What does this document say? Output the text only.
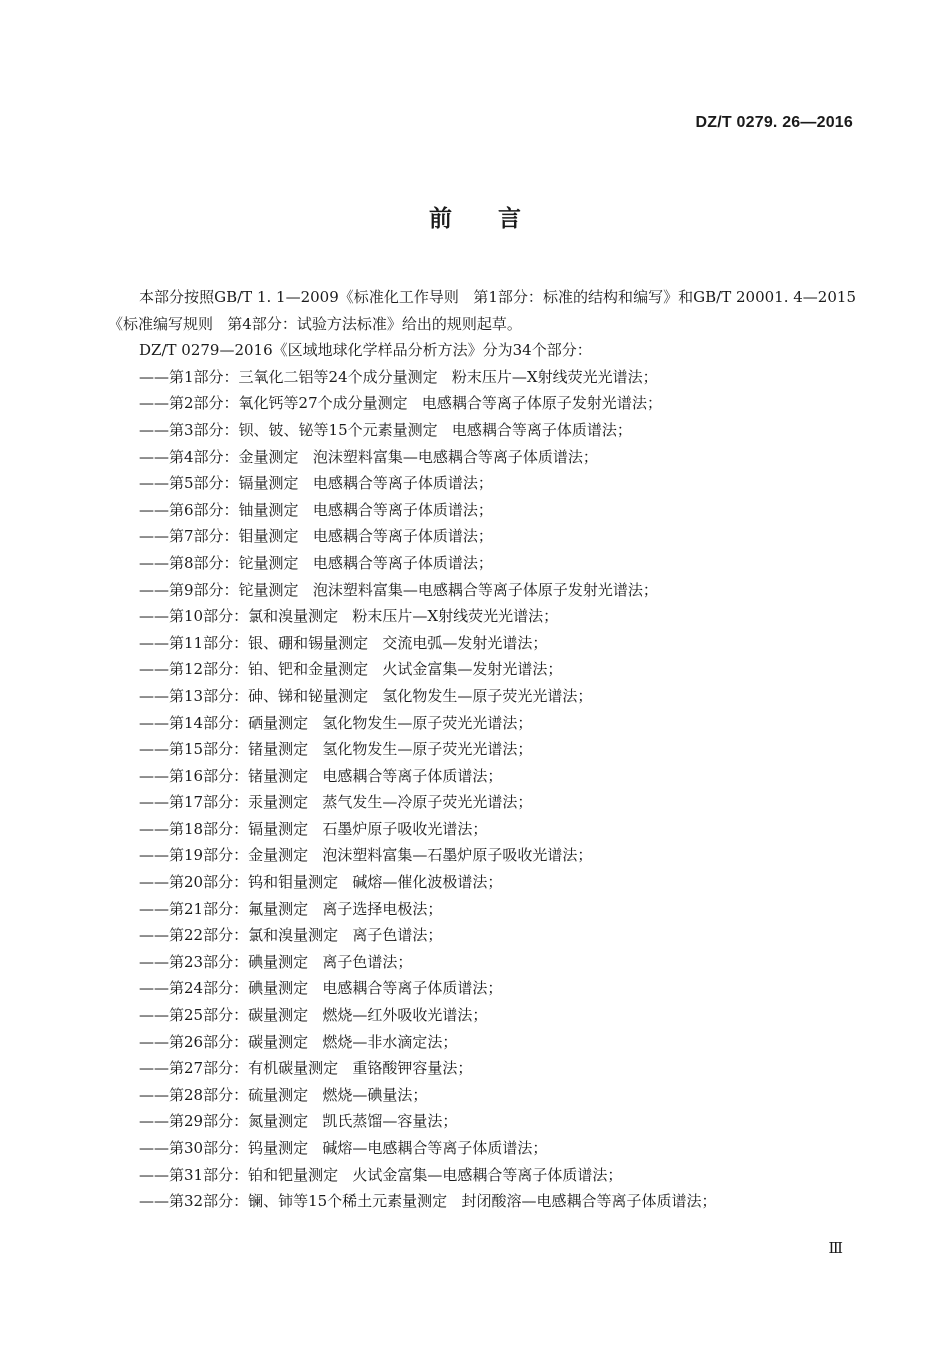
DZ/T 0279. 26—2016
前言

本部分按照GB/T 1. 1—2009《标准化工作导则   第1部分：标准的结构和编写》和GB/T 20001. 4—2015《标准编写规则   第4部分：试验方法标准》给出的规则起草。

DZ/T 0279—2016《区域地球化学样品分析方法》分为34个部分：

——第1部分：三氧化二铝等24个成分量测定   粉末压片—X射线荧光光谱法；
——第2部分：氧化钙等27个成分量测定   电感耦合等离子体原子发射光谱法；
——第3部分：钡、铍、铋等15个元素量测定   电感耦合等离子体质谱法；
——第4部分：金量测定   泡沫塑料富集—电感耦合等离子体质谱法；
——第5部分：镉量测定   电感耦合等离子体质谱法；
——第6部分：铀量测定   电感耦合等离子体质谱法；
——第7部分：钼量测定   电感耦合等离子体质谱法；
——第8部分：铊量测定   电感耦合等离子体质谱法；
——第9部分：铊量测定   泡沫塑料富集—电感耦合等离子体原子发射光谱法；
——第10部分：氯和溴量测定   粉末压片—X射线荧光光谱法；
——第11部分：银、硼和锡量测定   交流电弧—发射光谱法；
——第12部分：铂、钯和金量测定   火试金富集—发射光谱法；
——第13部分：砷、锑和铋量测定   氢化物发生—原子荧光光谱法；
——第14部分：硒量测定   氢化物发生—原子荧光光谱法；
——第15部分：锗量测定   氢化物发生—原子荧光光谱法；
——第16部分：锗量测定   电感耦合等离子体质谱法；
——第17部分：汞量测定   蒸气发生—冷原子荧光光谱法；
——第18部分：镉量测定   石墨炉原子吸收光谱法；
——第19部分：金量测定   泡沫塑料富集—石墨炉原子吸收光谱法；
——第20部分：钨和钼量测定   碱熔—催化波极谱法；
——第21部分：氟量测定   离子选择电极法；
——第22部分：氯和溴量测定   离子色谱法；
——第23部分：碘量测定   离子色谱法；
——第24部分：碘量测定   电感耦合等离子体质谱法；
——第25部分：碳量测定   燃烧—红外吸收光谱法；
——第26部分：碳量测定   燃烧—非水滴定法；
——第27部分：有机碳量测定   重铬酸钾容量法；
——第28部分：硫量测定   燃烧—碘量法；
——第29部分：氮量测定   凯氏蒸馏—容量法；
——第30部分：钨量测定   碱熔—电感耦合等离子体质谱法；
——第31部分：铂和钯量测定   火试金富集—电感耦合等离子体质谱法；
——第32部分：镧、铈等15个稀土元素量测定   封闭酸溶—电感耦合等离子体质谱法；
Ⅲ
